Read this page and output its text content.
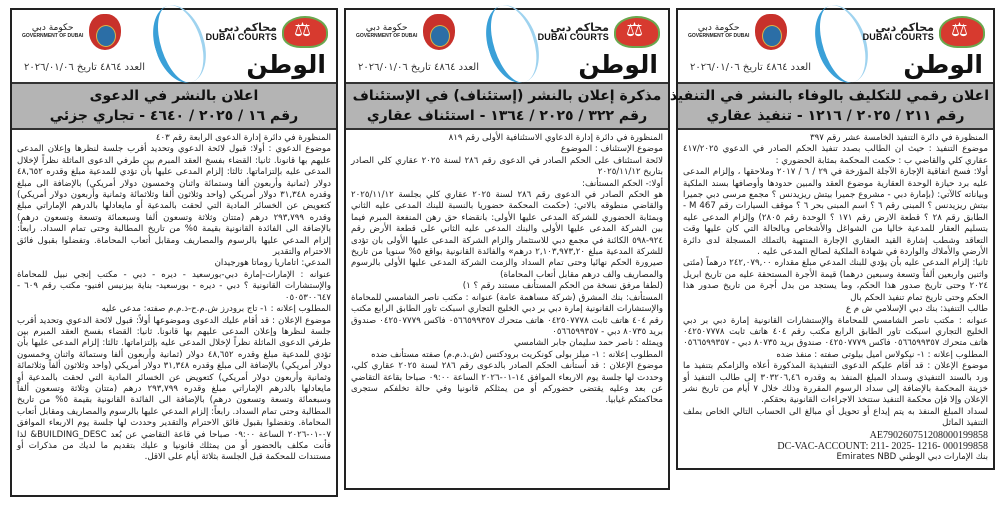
محاكم دبي
DUBAI COURTS
⚖
حكومة دبي
GOVERNMENT OF DUBAI
الوطن
العدد ٤٨٦٤ تاريخ ٢٠٢٦/٠١/٠٦
اعلان بالنشر في الدعوى
رقم ١٦ / ٢٠٢٥ / ٤٦٤٠ - تجاري جزئي

المنظورة في دائرة إدارة الدعوى الرابعة رقم ٤٠٣

موضوع الدعوي : أولا: قبول لائحة الدعوي وتحديد أقرب جلسة لنظرها وإعلان المدعى عليهم بها قانونا. ثانيا: القضاء بفسخ العقد المبرم بين طرفي الدعوى الماثلة نظراً لإخلال المدعى عليه بإلتزاماتها. ثالثا: إلزام المدعى عليها بأن تؤدي للمدعية مبلغ وقدره ٤٨,٦٥٢ دولار (ثمانية وأربعون ألفا وستمائة واثنان وخمسون دولار أمريكي) بالإضافة الى مبلغ وقدره ٣١,٣٤٨ دولار أمريكي (واحد وثلاثون ألفا وثلاثمائة وثمانية وأربعون دولار أمريكي) كتعويض عن الخسائر المادية التي لحقت بالمدعية أو مايعادلها بالدرهم الإماراتي مبلغ وقدره ٢٩٣,٧٩٩ درهم (متتان وثلاثة وتسعون ألفا وسبعمائة وتسعة وتسعون درهم) بالإضافة الى الفائدة القانونية بقيمة ٥% من تاريخ المطالبة وحتى تمام السداد. رابعاً: إلزام المدعي عليها بالرسوم والمصاريف ومقابل أتعاب المحاماة. وتفضلوا بقبول فائق الاحترام والتقدير

المدعي: اتاماريا روماتا هورجيدان

عنوانه : الإمارات-إمارة دبي-بورسعيد - ديره - دبي - مكتب إنجي نبيل للمحاماة والإستشارات القانونية ؟ دبي - ديره - بورسعيد- بناية بيزنيس افنيو- مكتب رقم ٦٠٩ - ٠٥٠٥٣٠٠٦٤٧

المطلوب إعلانه : ١- تاج برودرز ش.م.ح-ذ.م.م صفته: مدعى عليه

موضوع الإعلان : قد أقام عليك الدعوى وموضوعها أولاً: قبول لائحة الدعوي وتحديد أقرب جلسة لنظرها وإعلان المدعى عليهم بها قانونا. ثانيا: القضاء بفسخ العقد المبرم بين طرفي الدعوى الماثلة نظراً لإخلال المدعى عليه بإلتزاماتها. ثالثا: إلزام المدعى عليها بأن تؤدي للمدعية مبلغ وقدره ٤٨,٦٥٢ دولار (ثمانية وأربعون ألفا وستمائة واثنان وخمسون دولار أمريكي) بالإضافة الى مبلغ وقدره ٣١,٣٤٨ دولار أمريكي (واحد وثلاثون ألفاً وثلاثمائة وثمانية وأربعون دولار أمريكي) كتعويض عن الخسائر المادية التي لحقت بالمدعية أو مايعادلها بالدرهم الإماراتي مبلغ وقدره ٢٩٣,٧٩٩ درهم (متتان وثلاثة وتسعون ألفاً وسبعمائة وتسعة وتسعون درهم) بالإضافة الى الفائدة القانونية بقيمة ٥% من تاريخ المطالبة وحتى تمام السداد. رابعاً: إلزام المدعي عليها بالرسوم والمصاريف ومقابل أتعاب المحاماة. وتفضلوا بقبول فائق الاحترام والتقدير وحددت لها جلسة يوم الاربعاء الموافق ٠٧-٠١-٢٠٢٦ الساعة ٠٩:٠٠ صباحا في قاعة التقاضي عن بُعد BUILDING_DESC& لذا فأنت مكلف بالحضور أو من يمثلك قانونيا و عليك بتقديم ما لديك من مذكرات أو مستندات للمحكمة قبل الجلسة بثلاثة أيام على الاقل.

محاكم دبي
DUBAI COURTS
⚖
حكومة دبي
GOVERNMENT OF DUBAI
الوطن
العدد ٤٨٦٤ تاريخ ٢٠٢٦/٠١/٠٦
مذكرة إعلان بالنشر (إستئناف) في الإستئناف
رقم ٣٢٢ / ٢٠٢٥ / ١٣٦٤ - استئناف عقاري

المنظورة في دائرة إدارة الدعاوي الاستئنافية الأولى رقم ٨١٩

موضوع الإستئناف : الموضوع

لائحة استئناف على الحكم الصادر في الدعوى رقم ٢٨٦ لسنة ٢٠٢٥ عقاري كلي الصادر بتاريخ ٢٠٢٥/١١/١٢

أولا:- الحكم المستأنف:

هو الحكم الصادر في الدعوى رقم ٢٨٦ لسنة ٢٠٢٥ عقاري كلي بجلسة ٢٠٢٥/١١/١٢ والقاضي منطوقه بالاتي: (حكمت المحكمة حضوريا بالنسبة للبنك المدعى عليه الثاني وبمثابة الحضوري للشركة المدعى عليها الأولى: بانقضاء حق رهن المنفعة المبرم فيما بين الشركة المدعى عليها الأولى والبنك المدعى عليه الثاني على قطعة الأرض رقم ٩٢٤-٥٩٨ الكائنة في مجمع دبي للاستثمار والزام الشركة المدعى عليها الأولى بان تؤدى للشركة المدعية مبلغ ٢,١٠٣,٩٧٣,٢٠ درهم» والفائدة القانونية بواقع ٥% سنويا من تاريخ صيرورة الحكم نهائيا وحتى تمام السداد والزمت الشركة المدعى عليها الأولى بالرسوم والمصاريف والف درهم مقابل أتعاب المحاماة)

(لطفا مرفق نسخة من الحكم المستأنف مستند رقم ؟ ١)

المستأنف: بنك المشرق (شركة مساهمة عامة) عنوانه : مكتب ناصر الشامسي للمحاماة والإستشارات القانونية إمارة دبي بر دبي الخليج التجاري اسبكت تاور الطابق الرابع مكتب رقم ٤٠٤ هاتف ثابت ٠٤٢٥٠٧٧٧٨ هاتف متحرك ٠٥٦٦٥٩٩٣٥٧ فاكس ٠٤٢٥٠٧٧٧٩ صندوق بريد ٨٠٧٣٥ دبي - ٠٥٦٦٥٩٩٣٥٧

ويمثله : ناصر حمد سليمان جابر الشامسي

المطلوب إعلانه : ١- ميلز بولى كونكريت برودكتس (ش.ذ.م.م) صفته مستأنف ضده

موضوع الإعلان : قد أستأنف الحكم الصادر بالدعوى رقم ٢٨٦ لسنة ٢٠٢٥ عقاري كلي، وحددت لها جلسة يوم الاربعاء الموافق ١٤-٠١-٢٠٢٦ الساعة ٠٩:٠٠ صباحا بقاعة التقاضي عن بعد وعليه يقتضى حضوركم أو من يمثلكم قانونيا وفي حالة تخلفكم ستجرى محاكمتكم غيابيا.

محاكم دبي
DUBAI COURTS
⚖
حكومة دبي
GOVERNMENT OF DUBAI
الوطن
العدد ٤٨٦٤ تاريخ ٢٠٢٦/٠١/٠٦
اعلان رقمي للتكليف بالوفاء بالنشر في التنفيذ
رقم ٢١١ / ٢٠٢٥ / ١٢١٦ - تنفيذ عقاري

المنظورة في دائرة التنفيذ الخامسة عشر رقم ٣٩٧

موضوع التنفيذ : حيث ان الطالب بصدد تنفيذ الحكم الصادر في الدعوي ٤١٧/٢٠٢٥ عقاري كلي والقاضي ب : حكمت المحكمة بمثابة الحضوري :

أولا: فسخ اتفاقية الإجارة الآجلة المؤرخة في ٢٩ / ٦ / ٢٠١٧ وملاحقها ، وإلزام المدعى عليه برد حيازة الوحدة العقارية موضوع العقد والمبين حدودها وأوصافها بسند الملكية وبياناته كالآتي: (بإمارة دبي - مشروع جميرا بيتش ريزيدنس ؟ مجمع مرسى دبي جميرا بيتش ريزيدنس ؟ المبنى رقم ٦ ؟ اسم المبنى بحر ٦ ؟ موقف السيارات رقم M 467 - الطابق رقم ٢٨ ؟ قطعة الارض رقم ١٧١ ؟ الوحدة رقم ٢٨٠٥) وإلزام المدعى عليه بتسليم العقار للمدعية خاليا من الشواغل والأشخاص وبالحالة التي كان عليها وقت التعاقد وشطب إشارة القيد العقاري الإجارة المنتهية بالتملك المسجلة لدى دائرة الأرضي والأملاك والواردة في شهادة الملكية لصالح المدعى عليه .

ثانيا: إلزام المدعى عليه بأن يؤدي للبنك المدعي مبلغ مقداره ٢٤٢,٠٧٩,٠٠ درهماً (مئتى واثنين واربعين ألفاً وتسعة وسبعين درهما) قيمة الأجرة المستحقة عليه من تاريخ ابريل ٢٠٢٤ وحتى تاريخ صدور هذا الحكم، وما يستجد من بدل أجرة من تاريخ صدور هذا الحكم وحتى تاريخ تمام تنفيذ الحكم بال

طالب التنفيذ: بنك دبي الإسلامي ش م ع

عنوانه : مكتب ناصر الشامسي للمحاماة والإستشارات القانونية إمارة دبي بر دبي الخليج التجاري اسبكت تاور الطابق الرابع مكتب رقم ٤٠٤ هاتف ثابت ٠٤٢٥٠٧٧٧٨ هاتف متحرك ٠٥٦٦٥٩٩٣٥٧ فاكس ٠٤٢٥٠٧٧٧٩ صندوق بريد ٨٠٧٣٥ دبي - ٠٥٦٦٥٩٩٣٥٧

المطلوب إعلانه : ١- نيكولاس اميل بيلوتى صفته : منفذ ضده

موضوع الإعلان : قد أقام عليكم الدعوى التنفيذية المذكورة أعلاه والزامكم بتنفيذ ما ورد بالسند التنفيذي وسداد المبلغ المنفذ به وقدره ٣٠٣٢٠٦,٤٦ إلى طالب التنفيذ أو خزينة المحكمة بالإضافة إلى سداد الرسوم المقررة وذلك خلال ٧ أيام من تاريخ نشر الإعلان وإلا فإن محكمة التنفيذ ستتخذ الاجراءات القانونية بحقكم.

لسداد المبلغ المنفذ به يتم إيداع أو تحويل أي مبالغ الى الحساب التالي الخاص بملف التنفيذ الماثل

AE790260751208000199858

DC-VAC-ACCOUNT: 211- 2025- 1216- 000199858

بنك الإمارات دبي الوطني Emirates NBD
